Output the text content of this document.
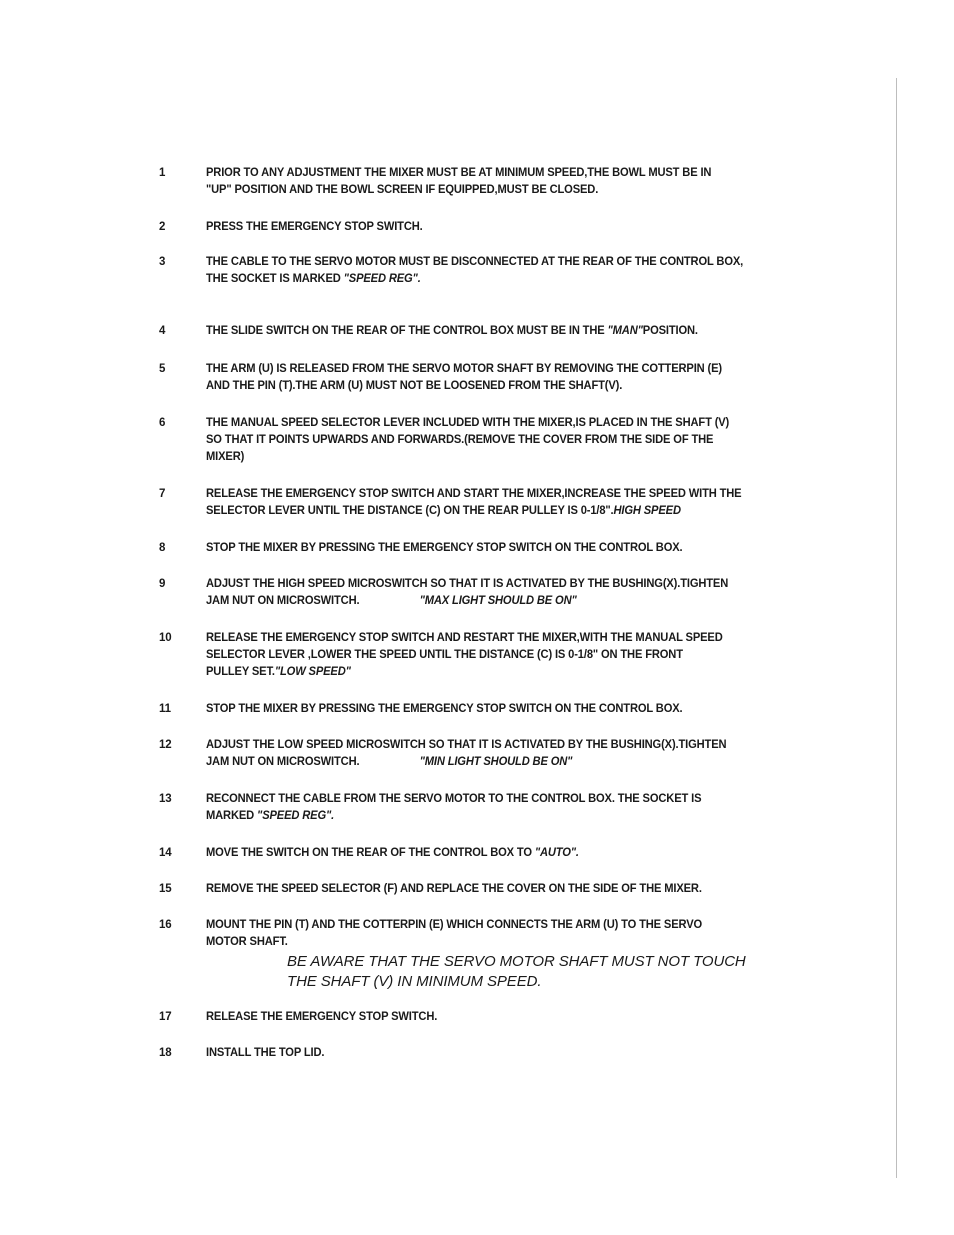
1	PRIOR TO ANY ADJUSTMENT THE MIXER MUST BE AT MINIMUM SPEED,THE BOWL MUST BE IN
"UP" POSITION AND THE BOWL SCREEN IF EQUIPPED,MUST BE CLOSED.
2	PRESS THE EMERGENCY STOP SWITCH.
3	THE CABLE TO THE SERVO MOTOR MUST BE DISCONNECTED AT THE REAR OF THE CONTROL BOX,
THE SOCKET IS MARKED "SPEED REG".
4	THE SLIDE SWITCH ON THE REAR OF THE CONTROL BOX MUST BE IN THE "MAN"POSITION.
5	THE ARM (U) IS RELEASED FROM THE SERVO MOTOR SHAFT BY REMOVING THE COTTERPIN (E)
AND THE PIN (T).THE ARM (U) MUST NOT BE LOOSENED FROM THE SHAFT(V).
6	THE MANUAL SPEED SELECTOR LEVER INCLUDED WITH THE MIXER,IS PLACED IN THE SHAFT (V)
SO THAT IT POINTS UPWARDS AND FORWARDS.(REMOVE THE COVER FROM THE SIDE OF THE
MIXER)
7	RELEASE THE EMERGENCY STOP SWITCH AND START THE MIXER,INCREASE THE SPEED WITH THE
SELECTOR LEVER UNTIL THE DISTANCE (C) ON THE REAR PULLEY IS 0-1/8".HIGH SPEED
8	STOP THE MIXER BY PRESSING THE EMERGENCY STOP SWITCH ON THE CONTROL BOX.
9	ADJUST THE HIGH SPEED MICROSWITCH SO THAT IT IS ACTIVATED BY THE BUSHING(X).TIGHTEN
JAM NUT ON MICROSWITCH.	"MAX LIGHT SHOULD BE ON"
10	RELEASE THE EMERGENCY STOP SWITCH AND RESTART THE MIXER,WITH THE MANUAL SPEED
SELECTOR LEVER ,LOWER THE SPEED UNTIL THE DISTANCE (C) IS 0-1/8" ON THE FRONT
PULLEY SET."LOW SPEED"
11	STOP THE MIXER BY PRESSING THE EMERGENCY STOP SWITCH ON THE CONTROL BOX.
12	ADJUST THE LOW SPEED MICROSWITCH SO THAT IT IS ACTIVATED BY THE BUSHING(X).TIGHTEN
JAM NUT ON MICROSWITCH.	"MIN LIGHT SHOULD BE ON"
13	RECONNECT THE CABLE FROM THE SERVO MOTOR TO THE CONTROL BOX. THE SOCKET IS
MARKED "SPEED REG".
14	MOVE THE SWITCH ON THE REAR OF THE CONTROL BOX TO "AUTO".
15	REMOVE THE SPEED SELECTOR (F) AND REPLACE THE COVER ON THE SIDE OF THE MIXER.
16	MOUNT THE PIN (T) AND THE COTTERPIN (E) WHICH CONNECTS THE ARM (U) TO THE SERVO
MOTOR SHAFT.
17	RELEASE THE EMERGENCY STOP SWITCH.
18	INSTALL THE TOP LID.
BE AWARE THAT THE SERVO MOTOR SHAFT MUST NOT TOUCH
THE SHAFT (V) IN MINIMUM SPEED.
